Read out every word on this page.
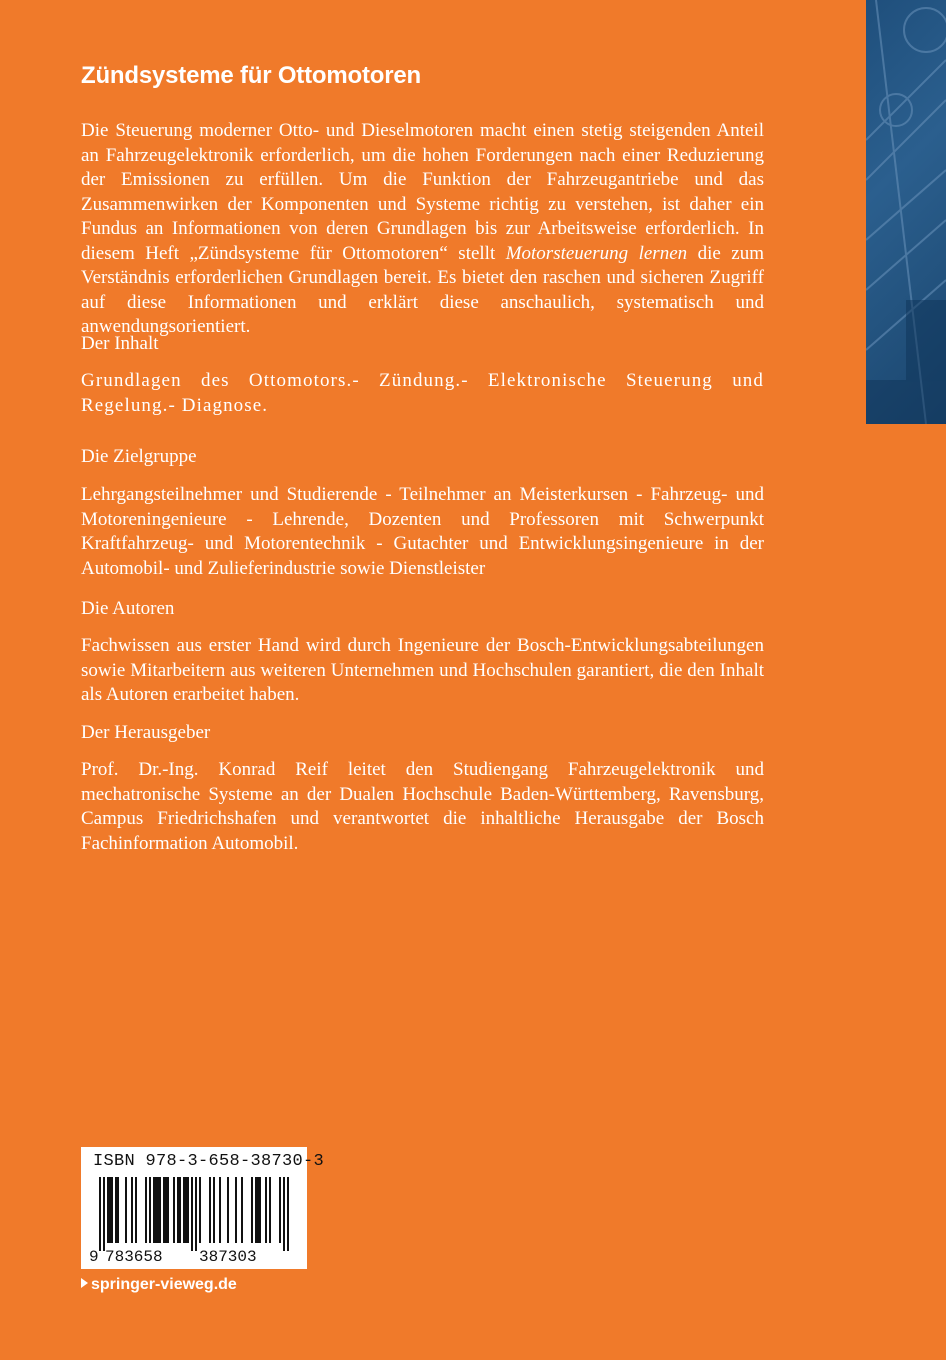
Zündsysteme für Ottomotoren
Die Steuerung moderner Otto- und Dieselmotoren macht einen stetig steigenden Anteil an Fahrzeugelektronik erforderlich, um die hohen Forderungen nach einer Reduzierung der Emissionen zu erfüllen. Um die Funktion der Fahrzeugantriebe und das Zusammenwirken der Komponenten und Systeme richtig zu verstehen, ist daher ein Fundus an Informationen von deren Grundlagen bis zur Arbeitsweise erforderlich. In diesem Heft „Zündsysteme für Ottomotoren“ stellt Motorsteuerung lernen die zum Verständnis erforderlichen Grundlagen bereit. Es bietet den raschen und sicheren Zugriff auf diese Informationen und erklärt diese anschaulich, systematisch und anwendungsorientiert.
Der Inhalt
Grundlagen des Ottomotors.- Zündung.- Elektronische Steuerung und Regelung.- Diagnose.
Die Zielgruppe
Lehrgangsteilnehmer und Studierende - Teilnehmer an Meisterkursen - Fahrzeug- und Motoreningenieure - Lehrende, Dozenten und Professoren mit Schwerpunkt Kraftfahrzeug- und Motorentechnik - Gutachter und Entwicklungsingenieure in der Automobil- und Zulieferindustrie sowie Dienstleister
Die Autoren
Fachwissen aus erster Hand wird durch Ingenieure der Bosch-Entwicklungsabteilungen sowie Mitarbeitern aus weiteren Unternehmen und Hochschulen garantiert, die den Inhalt als Autoren erarbeitet haben.
Der Herausgeber
Prof. Dr.-Ing. Konrad Reif leitet den Studiengang Fahrzeugelektronik und mechatronische Systeme an der Dualen Hochschule Baden-Württemberg, Ravensburg, Campus Friedrichshafen und verantwortet die inhaltliche Herausgabe der Bosch Fachinformation Automobil.
ISBN 978-3-658-38730-3
9 783658 387303
springer-vieweg.de
